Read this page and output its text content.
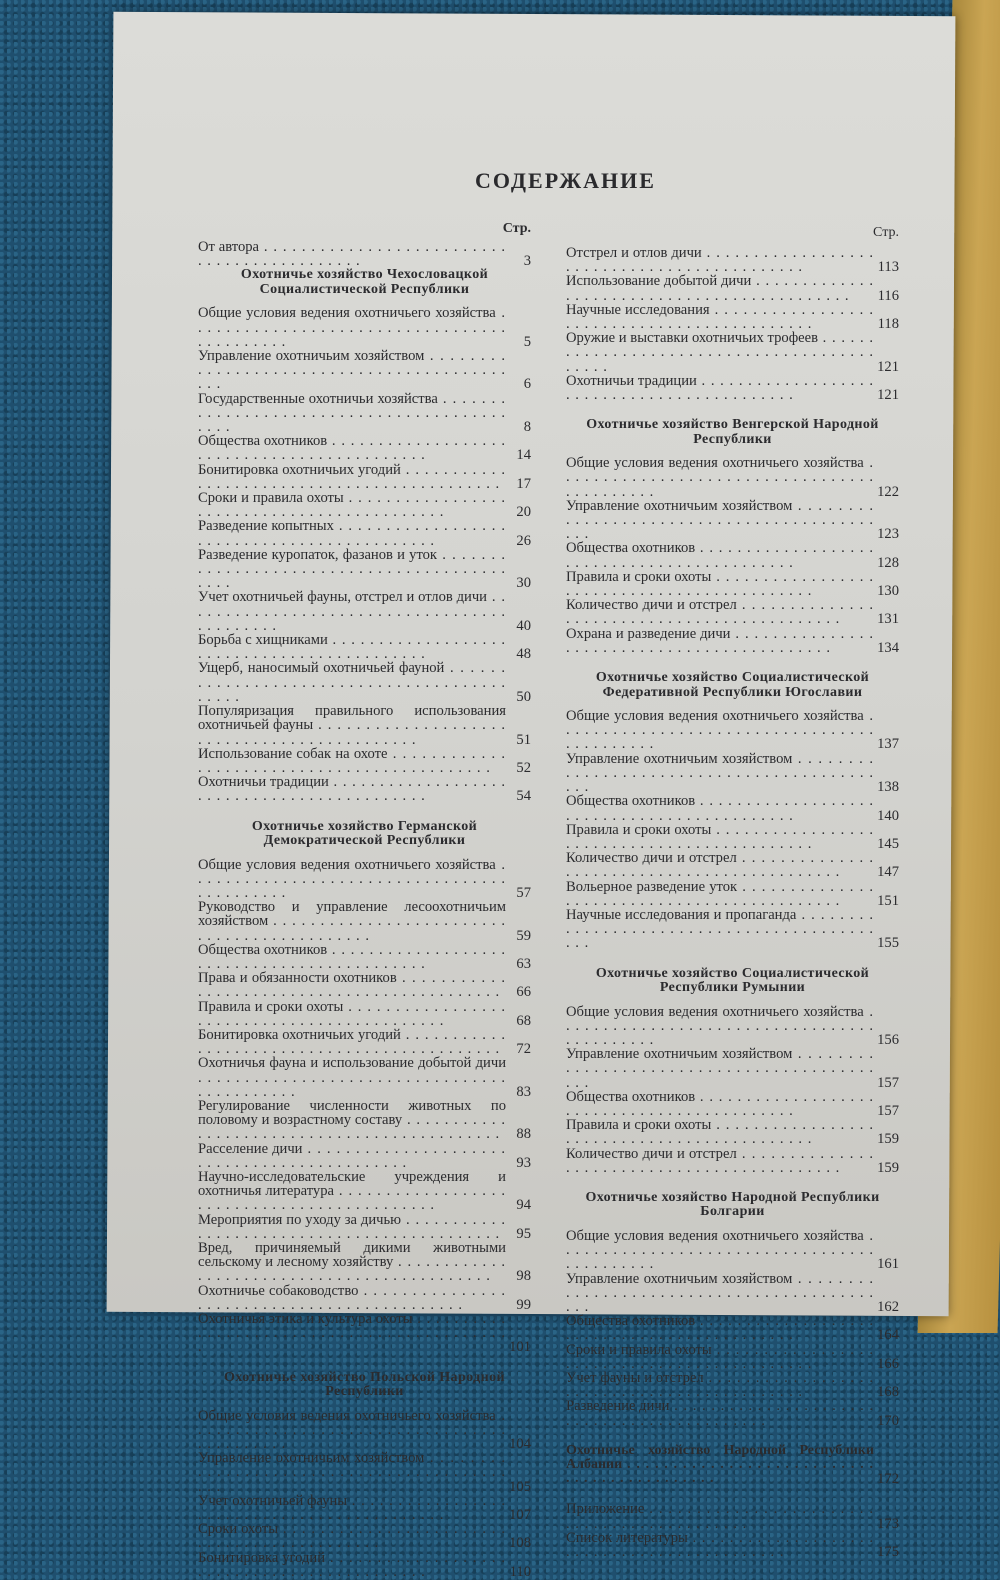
СОДЕРЖАНИЕ
Стр.
От автора . . .
3
Охотничье хозяйство Чехословацкой Социалистической Республики
Общие условия ведения охотничьего хозяйства . . .
5
Управление охотничьим хозяйством . . .
6
Государственные охотничьи хозяйства . . .
8
Общества охотников . . .
14
Бонитировка охотничьих угодий . . .
17
Сроки и правила охоты . . .
20
Разведение копытных . . .
26
Разведение куропаток, фазанов и уток . . .
30
Учет охотничьей фауны, отстрел и отлов дичи . . .
40
Борьба с хищниками . . .
48
Ущерб, наносимый охотничьей фауной . . .
50
Популяризация правильного использования охотничьей фауны . . .
51
Использование собак на охоте . . .
52
Охотничьи традиции . . .
54
Охотничье хозяйство Германской Демократической Республики
Общие условия ведения охотничьего хозяйства . . .
57
Руководство и управление лесоохотничьим хозяйством . . .
59
Общества охотников . . .
63
Права и обязанности охотников . . .
66
Правила и сроки охоты . . .
68
Бонитировка охотничьих угодий . . .
72
Охотничья фауна и использование добытой дичи . . .
83
Регулирование численности животных по половому и возрастному составу . . .
88
Расселение дичи . . .
93
Научно-исследовательские учреждения и охотничья литература . . .
94
Мероприятия по уходу за дичью . . .
95
Вред, причиняемый дикими животными сельскому и лесному хозяйству . . .
98
Охотничье собаководство . . .
99
Охотничья этика и культура охоты . . .
101
Охотничье хозяйство Польской Народной Республики
Общие условия ведения охотничьего хозяйства . . .
104
Управление охотничьим хозяйством . . .
105
Учет охотничьей фауны . . .
107
Сроки охоты . . .
108
Бонитировка угодий . . .
110
Стр.
Отстрел и отлов дичи . . .
113
Использование добытой дичи . . .
116
Научные исследования . . .
118
Оружие и выставки охотничьих трофеев . . .
121
Охотничьи традиции . . .
121
Охотничье хозяйство Венгерской Народной Республики
Общие условия ведения охотничьего хозяйства . . .
122
Управление охотничьим хозяйством . . .
123
Общества охотников . . .
128
Правила и сроки охоты . . .
130
Количество дичи и отстрел . . .
131
Охрана и разведение дичи . . .
134
Охотничье хозяйство Социалистической Федеративной Республики Югославии
Общие условия ведения охотничьего хозяйства . . .
137
Управление охотничьим хозяйством . . .
138
Общества охотников . . .
140
Правила и сроки охоты . . .
145
Количество дичи и отстрел . . .
147
Вольерное разведение уток . . .
151
Научные исследования и пропаганда . . .
155
Охотничье хозяйство Социалистической Республики Румынии
Общие условия ведения охотничьего хозяйства . . .
156
Управление охотничьим хозяйством . . .
157
Общества охотников . . .
157
Правила и сроки охоты . . .
159
Количество дичи и отстрел . . .
159
Охотничье хозяйство Народной Республики Болгарии
Общие условия ведения охотничьего хозяйства . . .
161
Управление охотничьим хозяйством . . .
162
Общества охотников . . .
164
Сроки и правила охоты . . .
166
Учет фауны и отстрел . . .
168
Разведение дичи . . .
170
Охотничье хозяйство Народной Республики Албании . . .
172
Приложение . . .
173
Список литературы . . .
175
